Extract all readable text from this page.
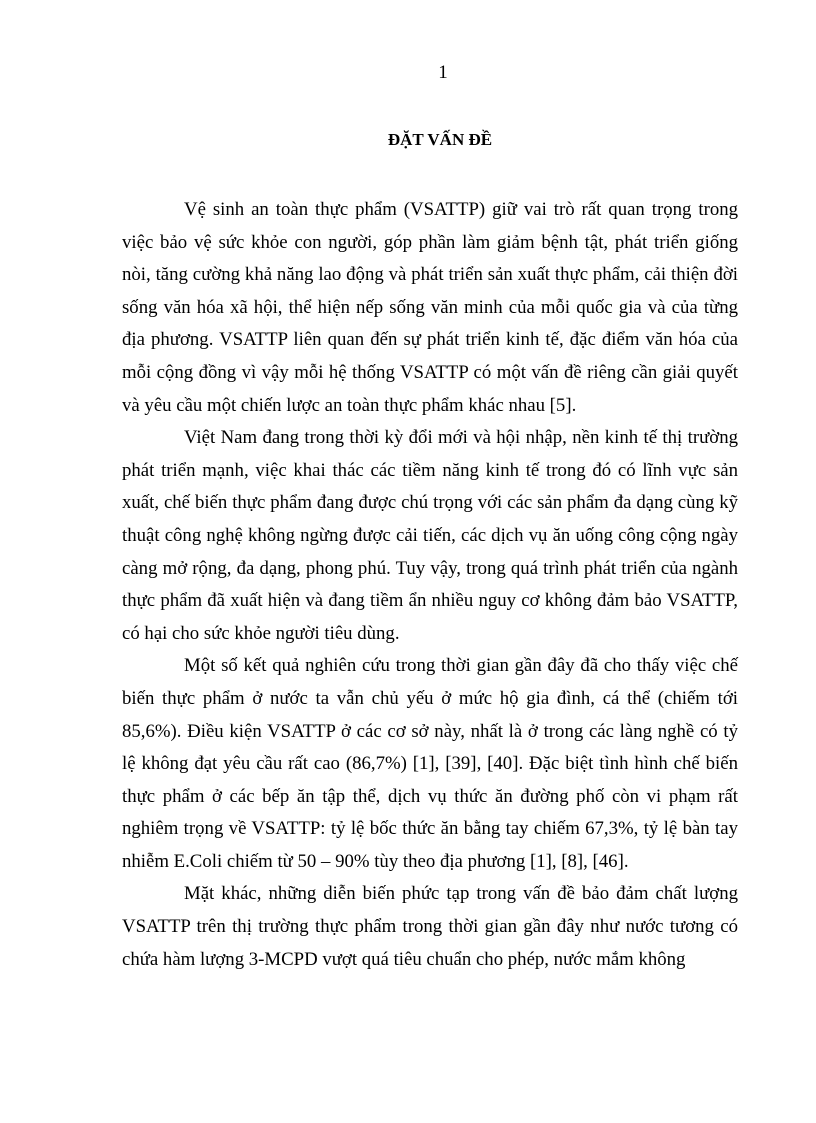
1
ĐẶT VẤN ĐỀ

Vệ sinh an toàn thực phẩm (VSATTP) giữ vai trò rất quan trọng trong việc bảo vệ sức khỏe con người, góp phần làm giảm bệnh tật, phát triển giống nòi, tăng cường khả năng lao động và phát triển sản xuất thực phẩm, cải thiện đời sống văn hóa xã hội, thể hiện nếp sống văn minh của mỗi quốc gia và của từng địa phương. VSATTP liên quan đến sự phát triển kinh tế, đặc điểm văn hóa của mỗi cộng đồng vì vậy mỗi hệ thống VSATTP có một vấn đề riêng cần giải quyết và yêu cầu một chiến lược an toàn thực phẩm khác nhau [5].

Việt Nam đang trong thời kỳ đổi mới và hội nhập, nền kinh tế thị trường phát triển mạnh, việc khai thác các tiềm năng kinh tế trong đó có lĩnh vực sản xuất, chế biến thực phẩm đang được chú trọng với các sản phẩm đa dạng cùng kỹ thuật công nghệ không ngừng được cải tiến, các dịch vụ ăn uống công cộng ngày càng mở rộng, đa dạng, phong phú. Tuy vậy, trong quá trình phát triển của ngành thực phẩm đã xuất hiện và đang tiềm ẩn nhiều nguy cơ không đảm bảo VSATTP, có hại cho sức khỏe người tiêu dùng.

Một số kết quả nghiên cứu trong thời gian gần đây đã cho thấy việc chế biến thực phẩm ở nước ta vẫn chủ yếu ở mức hộ gia đình, cá thể (chiếm tới 85,6%). Điều kiện VSATTP ở các cơ sở này, nhất là ở trong các làng nghề có tỷ lệ không đạt yêu cầu rất cao (86,7%) [1], [39], [40]. Đặc biệt tình hình chế biến thực phẩm ở các bếp ăn tập thể, dịch vụ thức ăn đường phố còn vi phạm rất nghiêm trọng về VSATTP: tỷ lệ bốc thức ăn bằng tay chiếm 67,3%, tỷ lệ bàn tay nhiễm E.Coli chiếm từ 50 – 90% tùy theo địa phương [1], [8], [46].

Mặt khác, những diễn biến phức tạp trong vấn đề bảo đảm chất lượng VSATTP trên thị trường thực phẩm trong thời gian gần đây như nước tương có chứa hàm lượng 3-MCPD vượt quá tiêu chuẩn cho phép, nước mắm không
